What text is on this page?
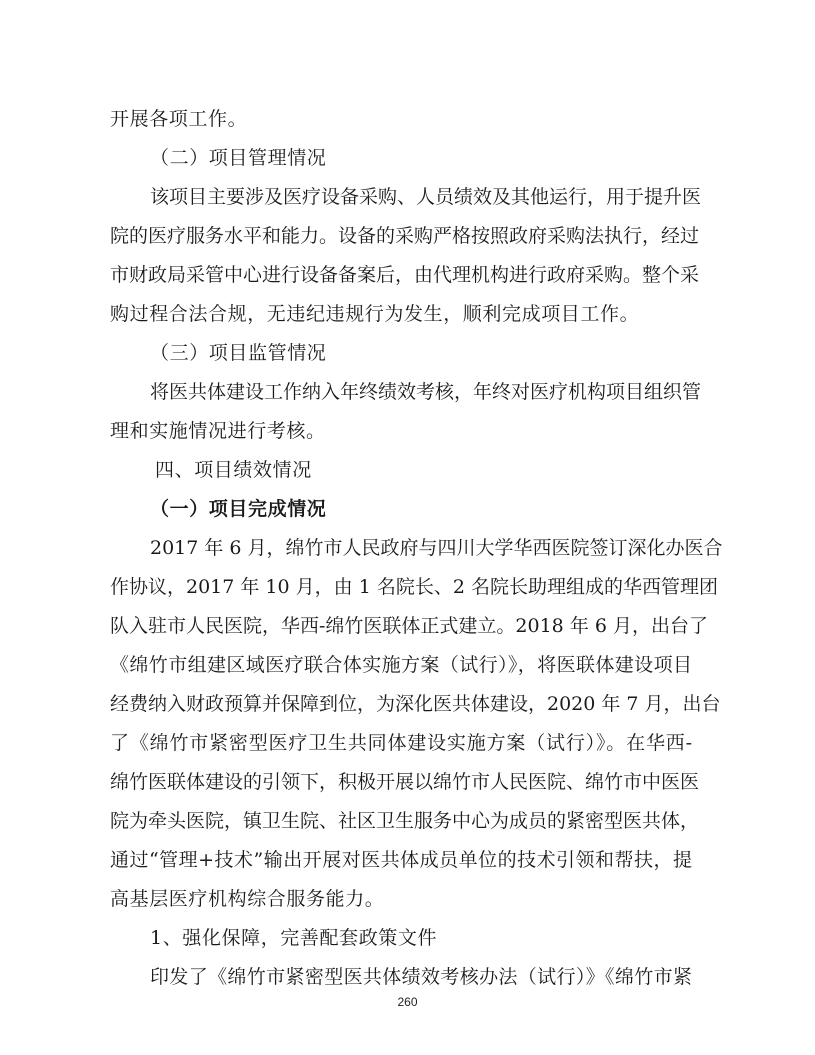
开展各项工作。
（二）项目管理情况
该项目主要涉及医疗设备采购、人员绩效及其他运行，用于提升医
院的医疗服务水平和能力。设备的采购严格按照政府采购法执行，经过
市财政局采管中心进行设备备案后，由代理机构进行政府采购。整个采
购过程合法合规，无违纪违规行为发生，顺利完成项目工作。
（三）项目监管情况
将医共体建设工作纳入年终绩效考核，年终对医疗机构项目组织管
理和实施情况进行考核。
四、项目绩效情况
（一）项目完成情况
2017 年 6 月，绵竹市人民政府与四川大学华西医院签订深化办医合
作协议，2017 年 10 月，由 1 名院长、2 名院长助理组成的华西管理团
队入驻市人民医院，华西-绵竹医联体正式建立。2018 年 6 月，出台了
《绵竹市组建区域医疗联合体实施方案（试行）》，将医联体建设项目
经费纳入财政预算并保障到位，为深化医共体建设，2020 年 7 月，出台
了《绵竹市紧密型医疗卫生共同体建设实施方案（试行）》。在华西-
绵竹医联体建设的引领下，积极开展以绵竹市人民医院、绵竹市中医医
院为牵头医院，镇卫生院、社区卫生服务中心为成员的紧密型医共体，
通过“管理+技术”输出开展对医共体成员单位的技术引领和帮扶，提
高基层医疗机构综合服务能力。
1、强化保障，完善配套政策文件
印发了《绵竹市紧密型医共体绩效考核办法（试行）》《绵竹市紧
260
